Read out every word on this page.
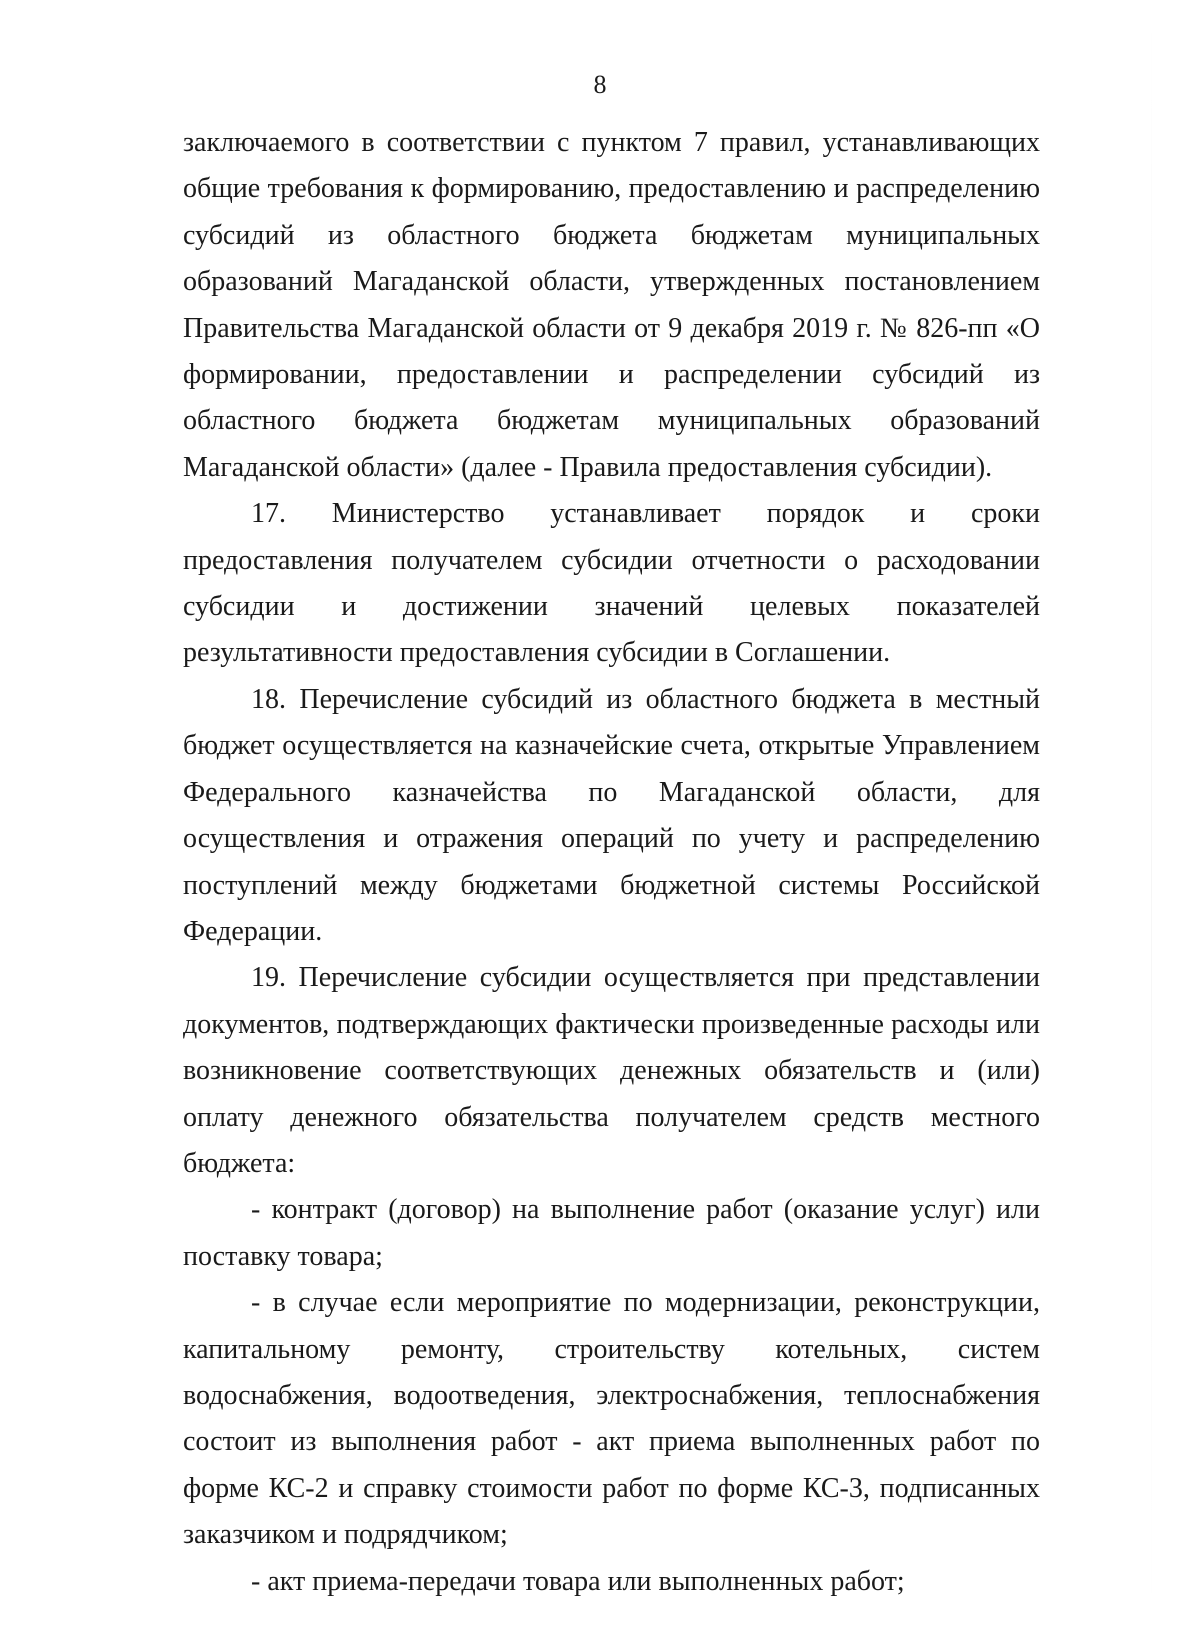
8

заключаемого в соответствии с пунктом 7 правил, устанавливающих общие требования к формированию, предоставлению и распределению субсидий из областного бюджета бюджетам муниципальных образований Магаданской области, утвержденных постановлением Правительства Магаданской области от 9 декабря 2019 г. № 826-пп «О формировании, предоставлении и распределении субсидий из областного бюджета бюджетам муниципальных образований Магаданской области» (далее - Правила предоставления субсидии).

17. Министерство устанавливает порядок и сроки предоставления получателем субсидии отчетности о расходовании субсидии и достижении значений целевых показателей результативности предоставления субсидии в Соглашении.

18. Перечисление субсидий из областного бюджета в местный бюджет осуществляется на казначейские счета, открытые Управлением Федерального казначейства по Магаданской области, для осуществления и отражения операций по учету и распределению поступлений между бюджетами бюджетной системы Российской Федерации.

19. Перечисление субсидии осуществляется при представлении документов, подтверждающих фактически произведенные расходы или возникновение соответствующих денежных обязательств и (или) оплату денежного обязательства получателем средств местного бюджета:

- контракт (договор) на выполнение работ (оказание услуг) или поставку товара;

- в случае если мероприятие по модернизации, реконструкции, капитальному ремонту, строительству котельных, систем водоснабжения, водоотведения, электроснабжения, теплоснабжения состоит из выполнения работ - акт приема выполненных работ по форме КС-2 и справку стоимости работ по форме КС-3, подписанных заказчиком и подрядчиком;

- акт приема-передачи товара или выполненных работ;
